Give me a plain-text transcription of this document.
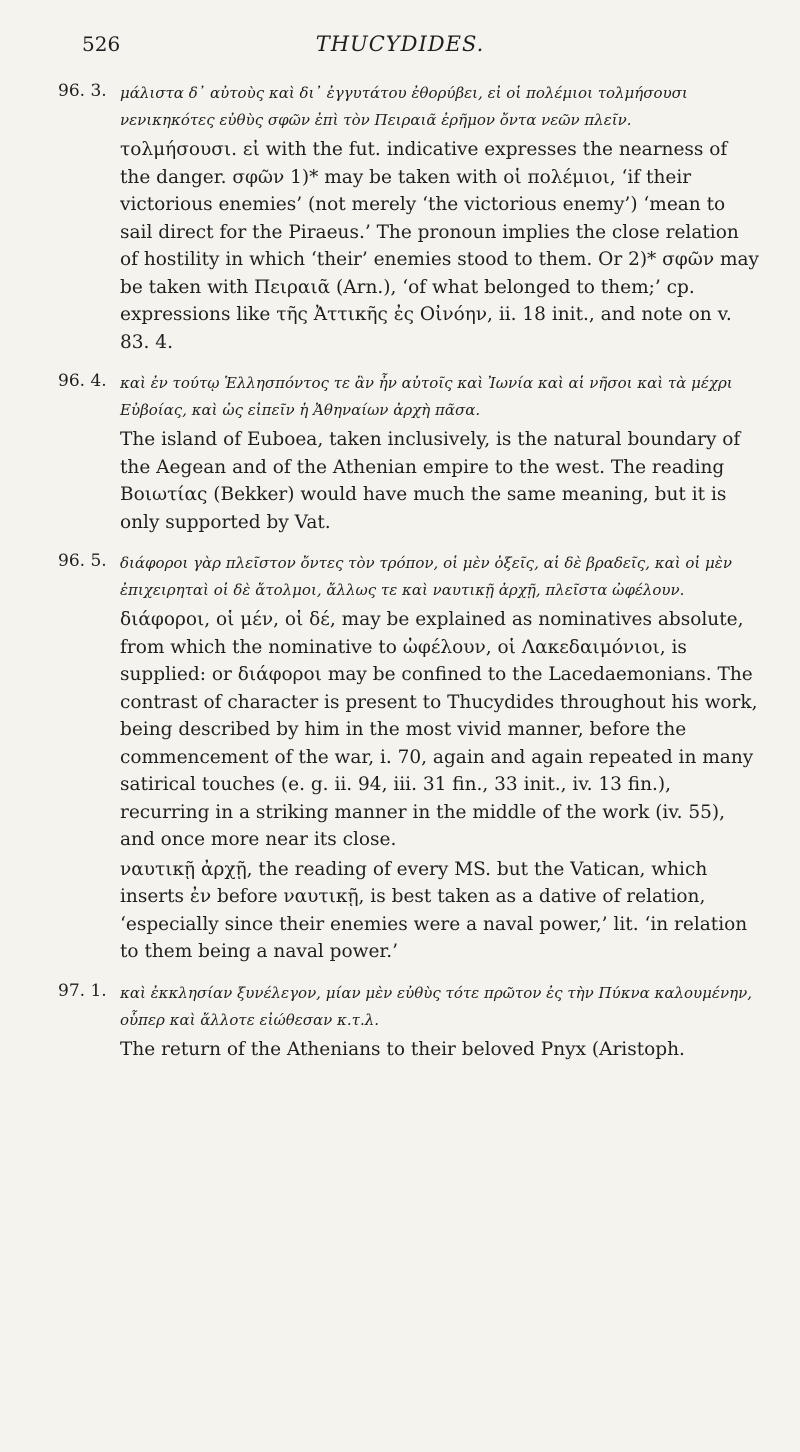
526	THUCYDIDES.
96. 3. μάλιστα δ᾽ αὐτοὺς καὶ δι᾽ ἐγγυτάτου ἐθορύβει, εἰ οἱ πολέμιοι τολμήσουσι νενικηκότες εὐθὺς σφῶν ἐπὶ τὸν Πειραιᾶ ἐρῆμον ὄντα νεῶν πλεῖν.

τολμήσουσι. εἰ with the fut. indicative expresses the nearness of the danger. σφῶν 1)* may be taken with οἱ πολέμιοι, ‘if their victorious enemies’ (not merely ‘the victorious enemy’) ‘mean to sail direct for the Piraeus.’ The pronoun implies the close relation of hostility in which ‘their’ enemies stood to them. Or 2)* σφῶν may be taken with Πειραιᾶ (Arn.), ‘of what belonged to them;’ cp. expressions like τῆς Ἀττικῆς ἐς Οἰνόην, ii. 18 init., and note on v. 83. 4.

96. 4. καὶ ἐν τούτῳ Ἑλλησπόντος τε ἂν ἦν αὐτοῖς καὶ Ἰωνία καὶ αἱ νῆσοι καὶ τὰ μέχρι Εὐβοίας, καὶ ὡς εἰπεῖν ἡ Ἀθηναίων ἀρχὴ πᾶσα.

The island of Euboea, taken inclusively, is the natural boundary of the Aegean and of the Athenian empire to the west. The reading Βοιωτίας (Bekker) would have much the same meaning, but it is only supported by Vat.

96. 5. διάφοροι γὰρ πλεῖστον ὄντες τὸν τρόπον, οἱ μὲν ὀξεῖς, αἱ δὲ βραδεῖς, καὶ οἱ μὲν ἐπιχειρηταὶ οἱ δὲ ἄτολμοι, ἄλλως τε καὶ ναυτικῇ ἀρχῇ, πλεῖστα ὠφέλουν.

διάφοροι, οἱ μέν, οἱ δέ, may be explained as nominatives absolute, from which the nominative to ὠφέλουν, οἱ Λακεδαιμόνιοι, is supplied: or διάφοροι may be confined to the Lacedaemonians. The contrast of character is present to Thucydides throughout his work, being described by him in the most vivid manner, before the commencement of the war, i. 70, again and again repeated in many satirical touches (e. g. ii. 94, iii. 31 fin., 33 init., iv. 13 fin.), recurring in a striking manner in the middle of the work (iv. 55), and once more near its close.

ναυτικῇ ἀρχῇ, the reading of every MS. but the Vatican, which inserts ἐν before ναυτικῇ, is best taken as a dative of relation, ‘especially since their enemies were a naval power,’ lit. ‘in relation to them being a naval power.’

97. 1. καὶ ἐκκλησίαν ξυνέλεγον, μίαν μὲν εὐθὺς τότε πρῶτον ἐς τὴν Πύκνα καλουμένην, οὗπερ καὶ ἄλλοτε εἰώθεσαν κ.τ.λ.

The return of the Athenians to their beloved Pnyx (Aristoph.
